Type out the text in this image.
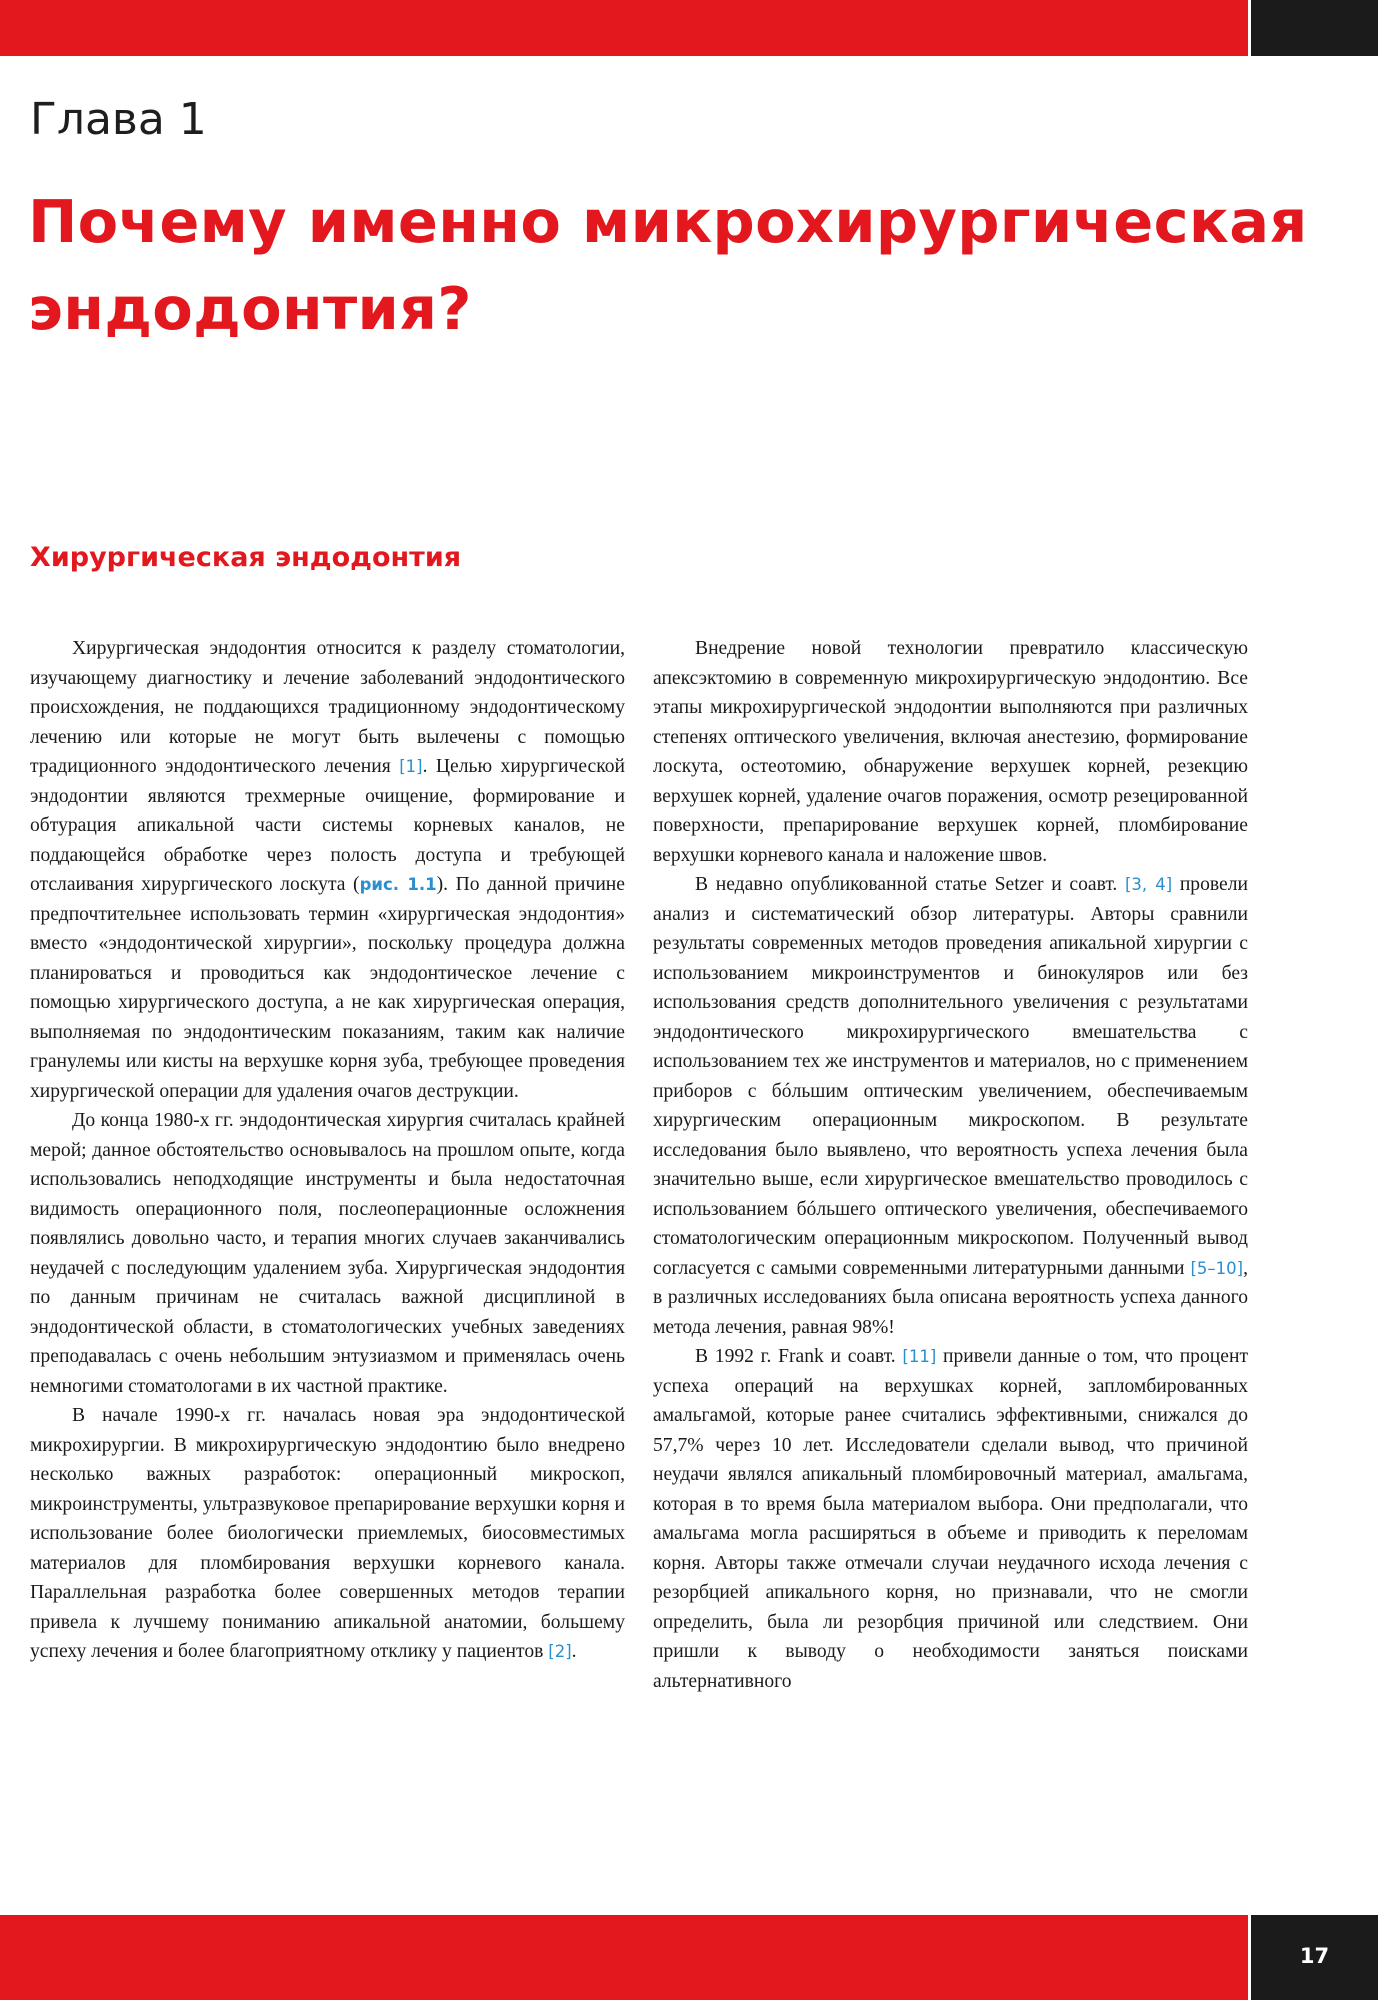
Глава 1
Почему именно микрохирургическая эндодонтия?
Хирургическая эндодонтия

Хирургическая эндодонтия относится к разделу стоматологии, изучающему диагностику и лечение заболеваний эндодонтического происхождения, не поддающихся традиционному эндодонтическому лечению или которые не могут быть вылечены с помощью традиционного эндодонтического лечения [1]. Целью хирургической эндодонтии являются трехмерные очищение, формирование и обтурация апикальной части системы корневых каналов, не поддающейся обработке через полость доступа и требующей отслаивания хирургического лоскута (рис. 1.1). По данной причине предпочтительнее использовать термин «хирургическая эндодонтия» вместо «эндодонтической хирургии», поскольку процедура должна планироваться и проводиться как эндодонтическое лечение с помощью хирургического доступа, а не как хирургическая операция, выполняемая по эндодонтическим показаниям, таким как наличие гранулемы или кисты на верхушке корня зуба, требующее проведения хирургической операции для удаления очагов деструкции.

До конца 1980-х гг. эндодонтическая хирургия считалась крайней мерой; данное обстоятельство основывалось на прошлом опыте, когда использовались неподходящие инструменты и была недостаточная видимость операционного поля, послеоперационные осложнения появлялись довольно часто, и терапия многих случаев заканчивались неудачей с последующим удалением зуба. Хирургическая эндодонтия по данным причинам не считалась важной дисциплиной в эндодонтической области, в стоматологических учебных заведениях преподавалась с очень небольшим энтузиазмом и применялась очень немногими стоматологами в их частной практике.

В начале 1990-х гг. началась новая эра эндодонтической микрохирургии. В микрохирургическую эндодонтию было внедрено несколько важных разработок: операционный микроскоп, микроинструменты, ультразвуковое препарирование верхушки корня и использование более биологически приемлемых, биосовместимых материалов для пломбирования верхушки корневого канала. Параллельная разработка более совершенных методов терапии привела к лучшему пониманию апикальной анатомии, большему успеху лечения и более благоприятному отклику у пациентов [2].

Внедрение новой технологии превратило классическую апексэктомию в современную микрохирургическую эндодонтию. Все этапы микрохирургической эндодонтии выполняются при различных степенях оптического увеличения, включая анестезию, формирование лоскута, остеотомию, обнаружение верхушек корней, резекцию верхушек корней, удаление очагов поражения, осмотр резецированной поверхности, препарирование верхушек корней, пломбирование верхушки корневого канала и наложение швов.

В недавно опубликованной статье Setzer и соавт. [3, 4] провели анализ и систематический обзор литературы. Авторы сравнили результаты современных методов проведения апикальной хирургии с использованием микроинструментов и бинокуляров или без использования средств дополнительного увеличения с результатами эндодонтического микрохирургического вмешательства с использованием тех же инструментов и материалов, но с применением приборов с бóльшим оптическим увеличением, обеспечиваемым хирургическим операционным микроскопом. В результате исследования было выявлено, что вероятность успеха лечения была значительно выше, если хирургическое вмешательство проводилось с использованием бóльшего оптического увеличения, обеспечиваемого стоматологическим операционным микроскопом. Полученный вывод согласуется с самыми современными литературными данными [5–10], в различных исследованиях была описана вероятность успеха данного метода лечения, равная 98%!

В 1992 г. Frank и соавт. [11] привели данные о том, что процент успеха операций на верхушках корней, запломбированных амальгамой, которые ранее считались эффективными, снижался до 57,7% через 10 лет. Исследователи сделали вывод, что причиной неудачи являлся апикальный пломбировочный материал, амальгама, которая в то время была материалом выбора. Они предполагали, что амальгама могла расширяться в объеме и приводить к переломам корня. Авторы также отмечали случаи неудачного исхода лечения с резорбцией апикального корня, но признавали, что не смогли определить, была ли резорбция причиной или следствием. Они пришли к выводу о необходимости заняться поисками альтернативного

17
